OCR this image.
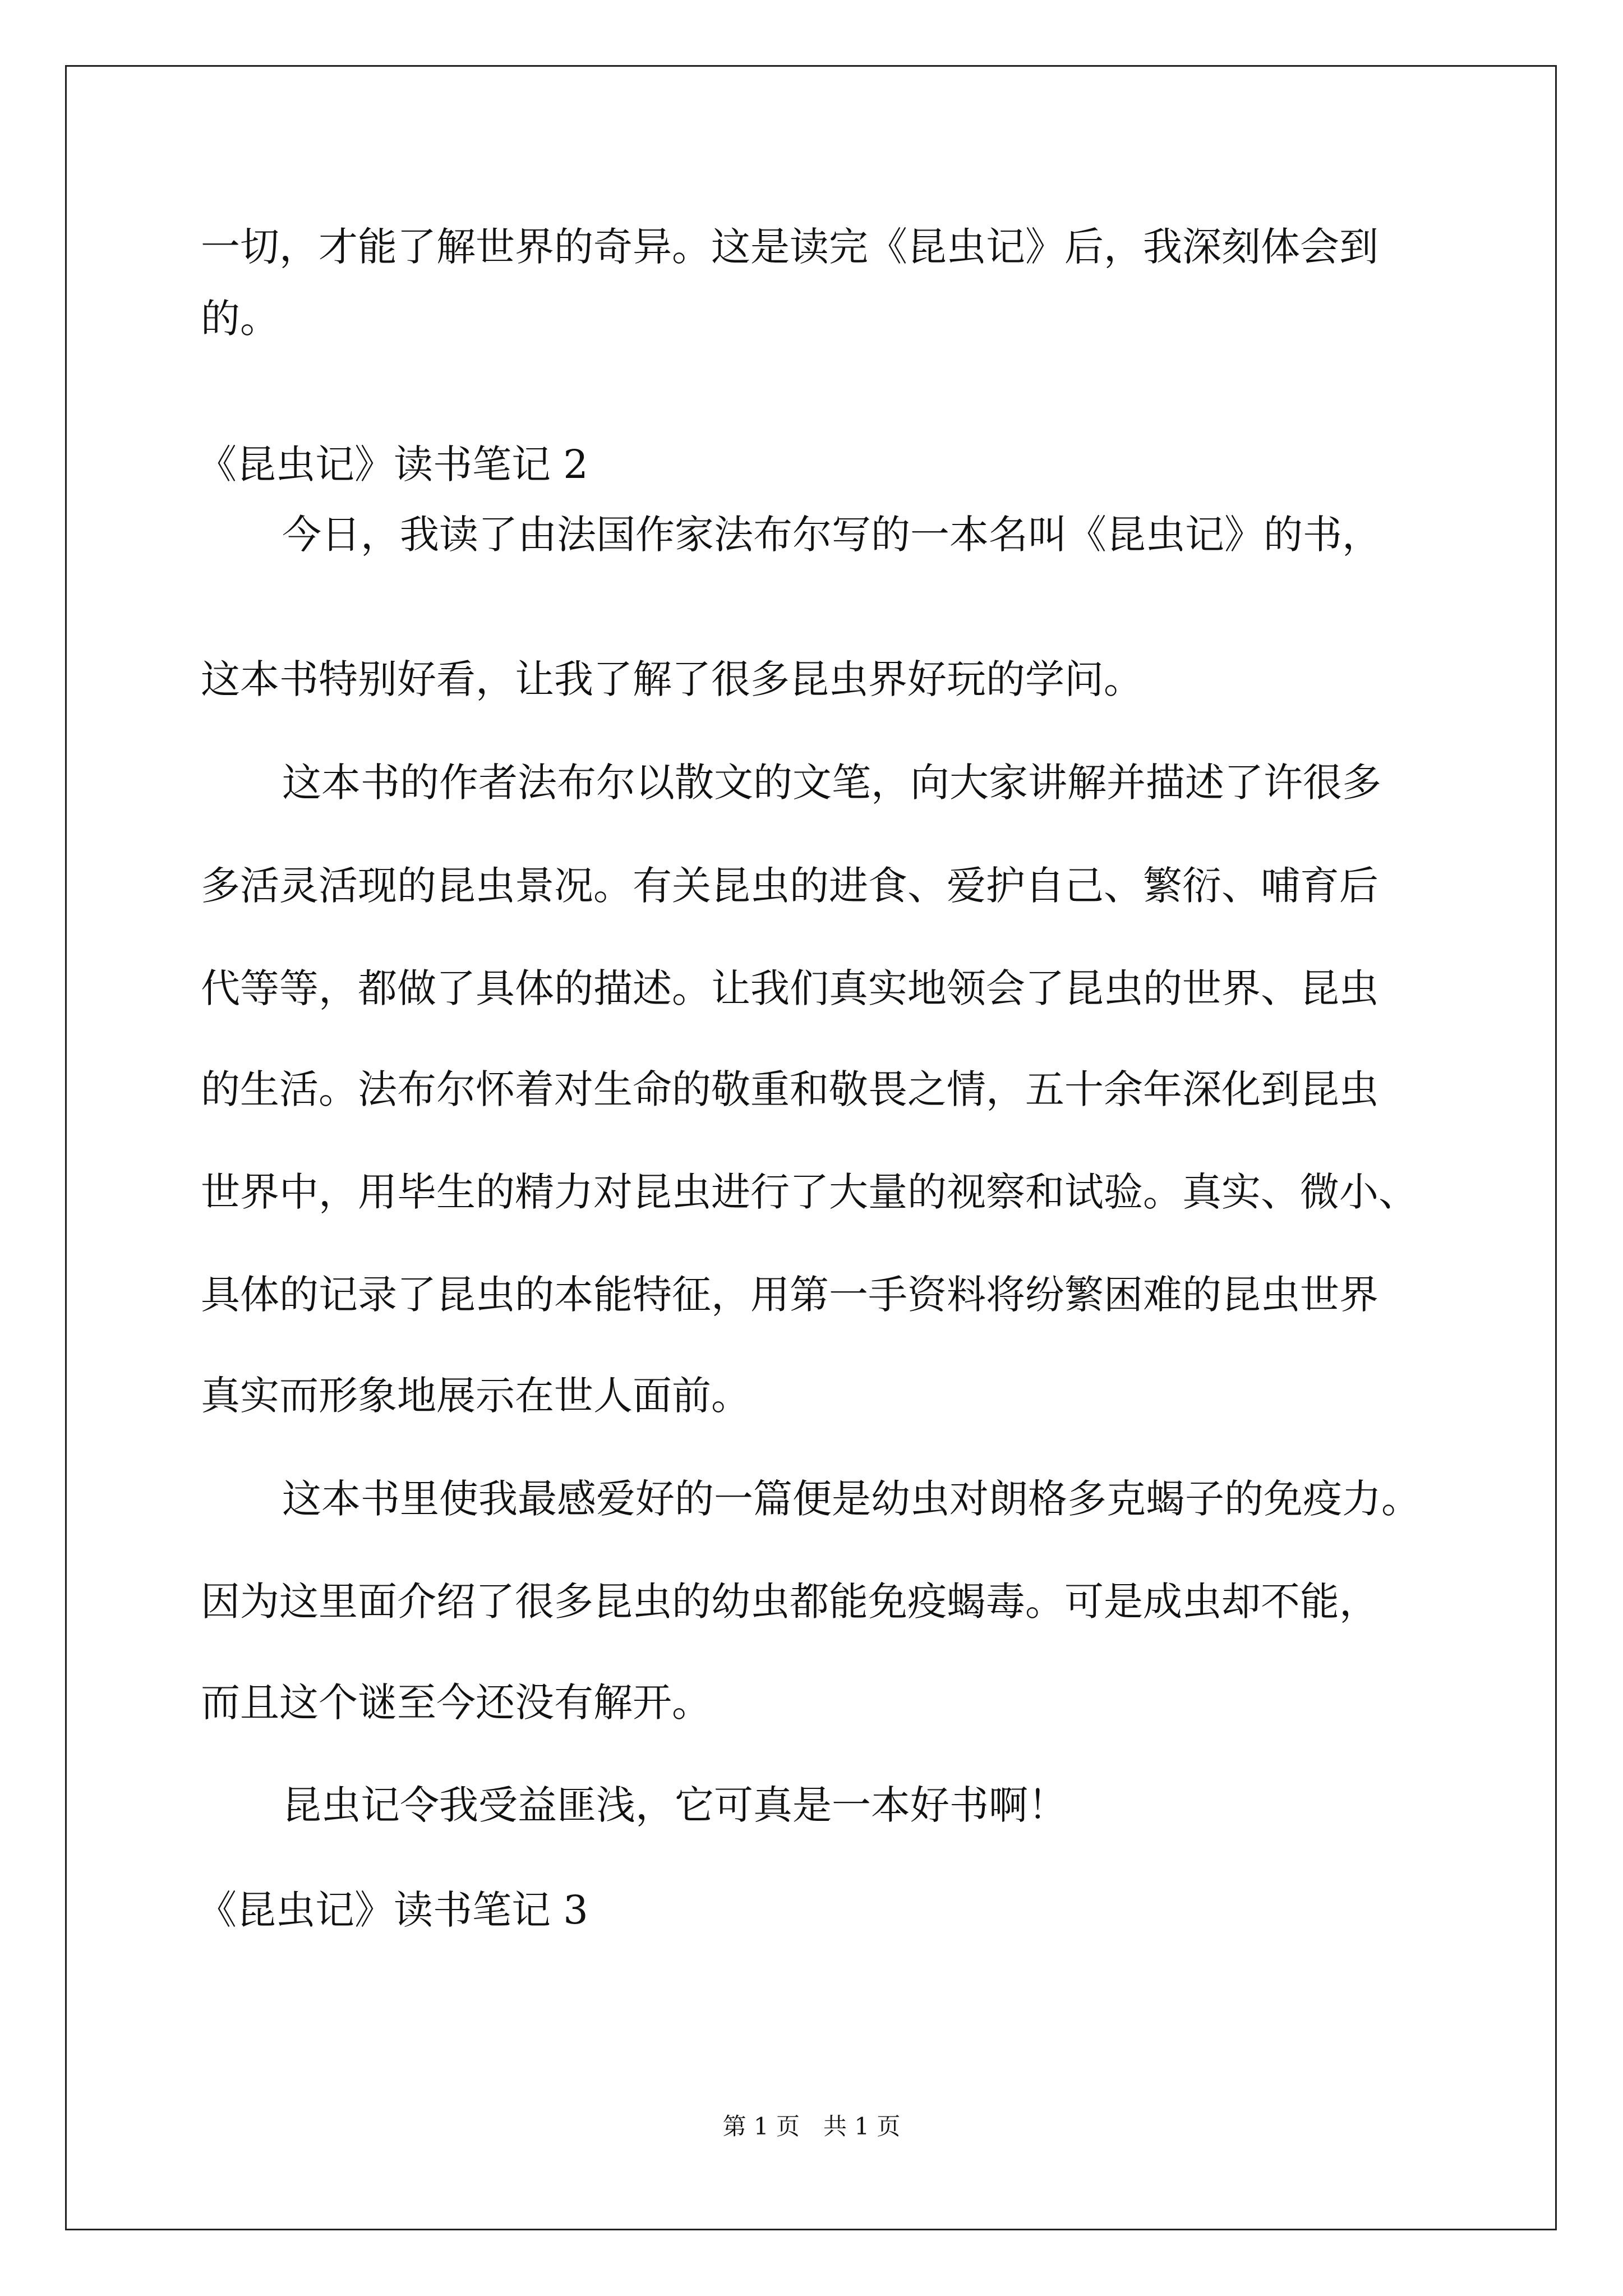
一切，才能了解世界的奇异。这是读完《昆虫记》后，我深刻体会到
的。
《昆虫记》读书笔记 2
今日，我读了由法国作家法布尔写的一本名叫《昆虫记》的书，
这本书特别好看，让我了解了很多昆虫界好玩的学问。
这本书的作者法布尔以散文的文笔，向大家讲解并描述了许很多
多活灵活现的昆虫景况。有关昆虫的进食、爱护自己、繁衍、哺育后
代等等，都做了具体的描述。让我们真实地领会了昆虫的世界、昆虫
的生活。法布尔怀着对生命的敬重和敬畏之情，五十余年深化到昆虫
世界中，用毕生的精力对昆虫进行了大量的视察和试验。真实、微小、
具体的记录了昆虫的本能特征，用第一手资料将纷繁困难的昆虫世界
真实而形象地展示在世人面前。
这本书里使我最感爱好的一篇便是幼虫对朗格多克蝎子的免疫力。
因为这里面介绍了很多昆虫的幼虫都能免疫蝎毒。可是成虫却不能，
而且这个谜至今还没有解开。
昆虫记令我受益匪浅，它可真是一本好书啊！
《昆虫记》读书笔记 3
第 1 页　共 1 页
